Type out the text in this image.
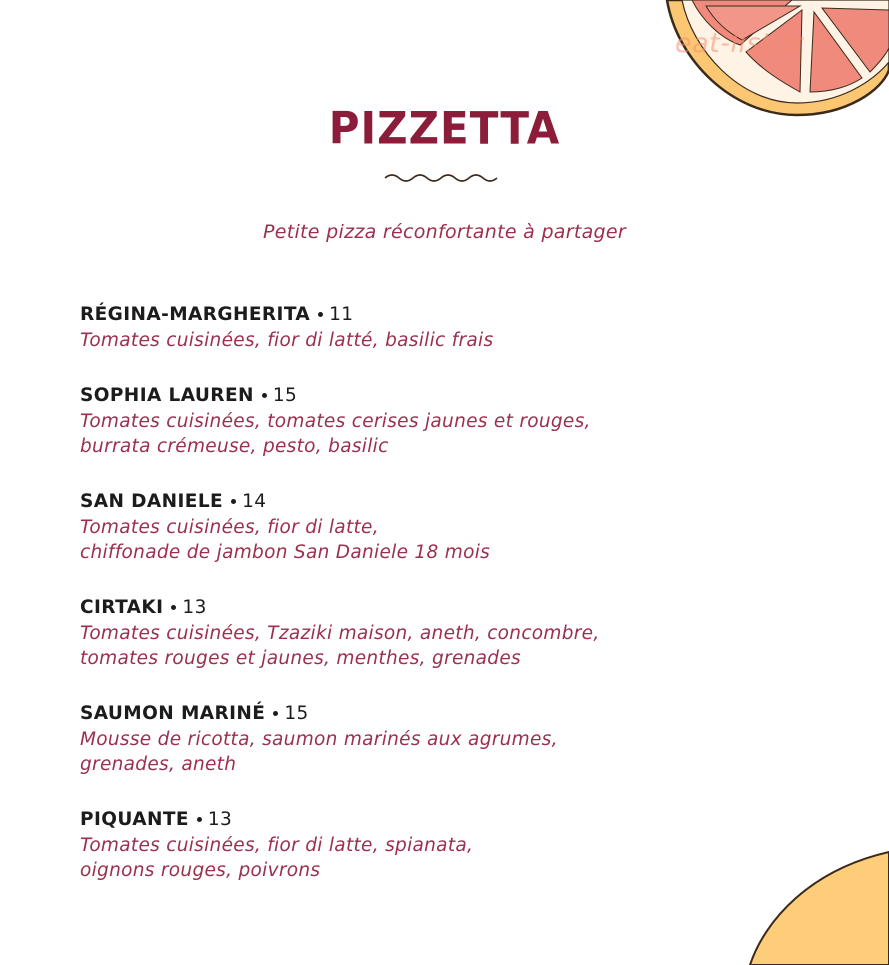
eat-list.fr
PIZZETTA
Petite pizza réconfortante à partager
RÉGINA-MARGHERITA 11
Tomates cuisinées, fior di latté, basilic frais
SOPHIA LAUREN 15
Tomates cuisinées, tomates cerises jaunes et rouges,
burrata crémeuse, pesto, basilic
SAN DANIELE 14
Tomates cuisinées, fior di latte,
chiffonade de jambon San Daniele 18 mois
CIRTAKI 13
Tomates cuisinées, Tzaziki maison, aneth, concombre,
tomates rouges et jaunes, menthes, grenades
SAUMON MARINÉ 15
Mousse de ricotta, saumon marinés aux agrumes,
grenades, aneth
PIQUANTE 13
Tomates cuisinées, fior di latte, spianata,
oignons rouges, poivrons
